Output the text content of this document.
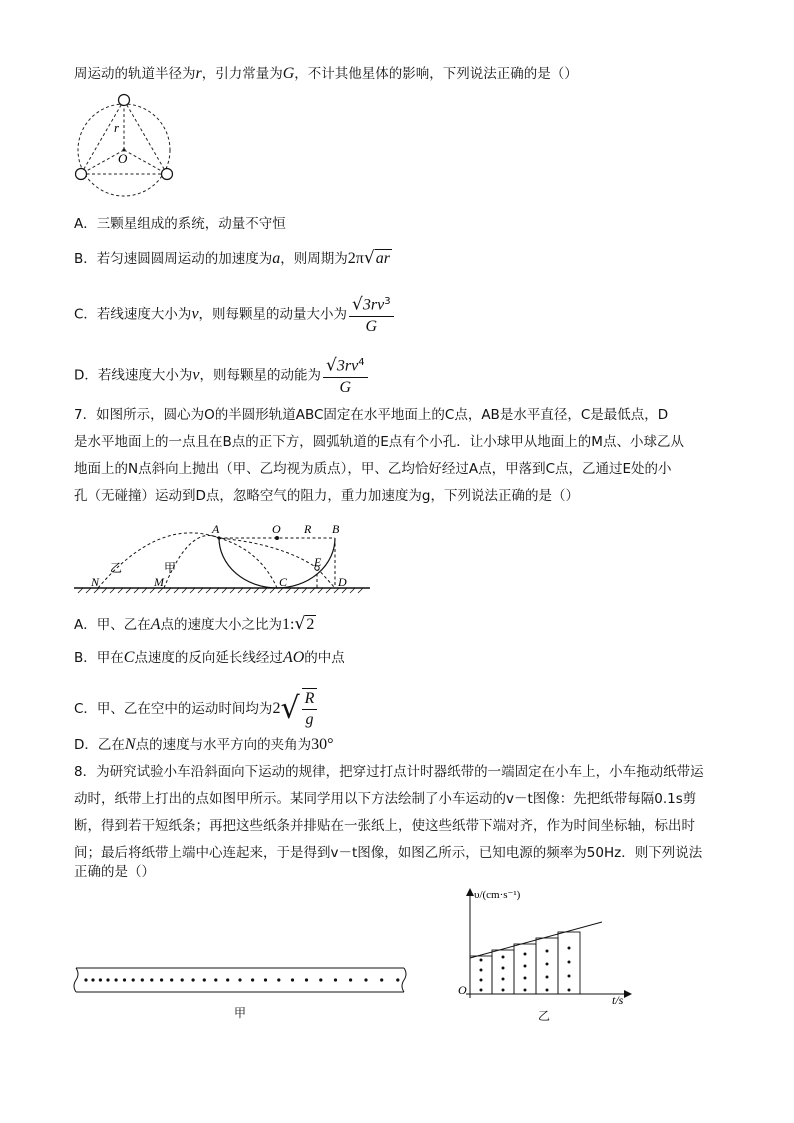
周运动的轨道半径为r，引力常量为G，不计其他星体的影响，下列说法正确的是（）
r
O
A．三颗星组成的系统，动量不守恒
B．若匀速圆圆周运动的加速度为a，则周期为2π√ar
C．若线速度大小为v，则每颗星的动量大小为 $\frac{√3rv^3}{G}$
D．若线速度大小为v，则每颗星的动能为 $\frac{√3rv^4}{G}$
7．如图所示，圆心为O的半圆形轨道ABC固定在水平地面上的C点，AB是水平直径，C是最低点，D
是水平地面上的一点且在B点的正下方，圆弧轨道的E点有个小孔．让小球甲从地面上的M点、小球乙从
地面上的N点斜向上抛出（甲、乙均视为质点），甲、乙均恰好经过A点，甲落到C点，乙通过E处的小
孔（无碰撞）运动到D点，忽略空气的阻力，重力加速度为g，下列说法正确的是（）
A	O R B
乙	甲
N	M	C
E
D
A．甲、乙在A点的速度大小之比为1:√2
B．甲在C点速度的反向延长线经过AO的中点
C．甲、乙在空中的运动时间均为$2√ \frac{R}{g}$
D．乙在N点的速度与水平方向的夹角为30°
8．为研究试验小车沿斜面向下运动的规律，把穿过打点计时器纸带的一端固定在小车上，小车拖动纸带运
动时，纸带上打出的点如图甲所示。某同学用以下方法绘制了小车运动的v－t图像：先把纸带每隔0.1s剪
断，得到若干短纸条；再把这些纸条并排贴在一张纸上，使这些纸带下端对齐，作为时间坐标轴，标出时
间；最后将纸带上端中心连起来，于是得到v－t图像，如图乙所示，已知电源的频率为50Hz．则下列说法
正确的是（）
甲
υ/(cm·s⁻¹)
O
t/s
乙
